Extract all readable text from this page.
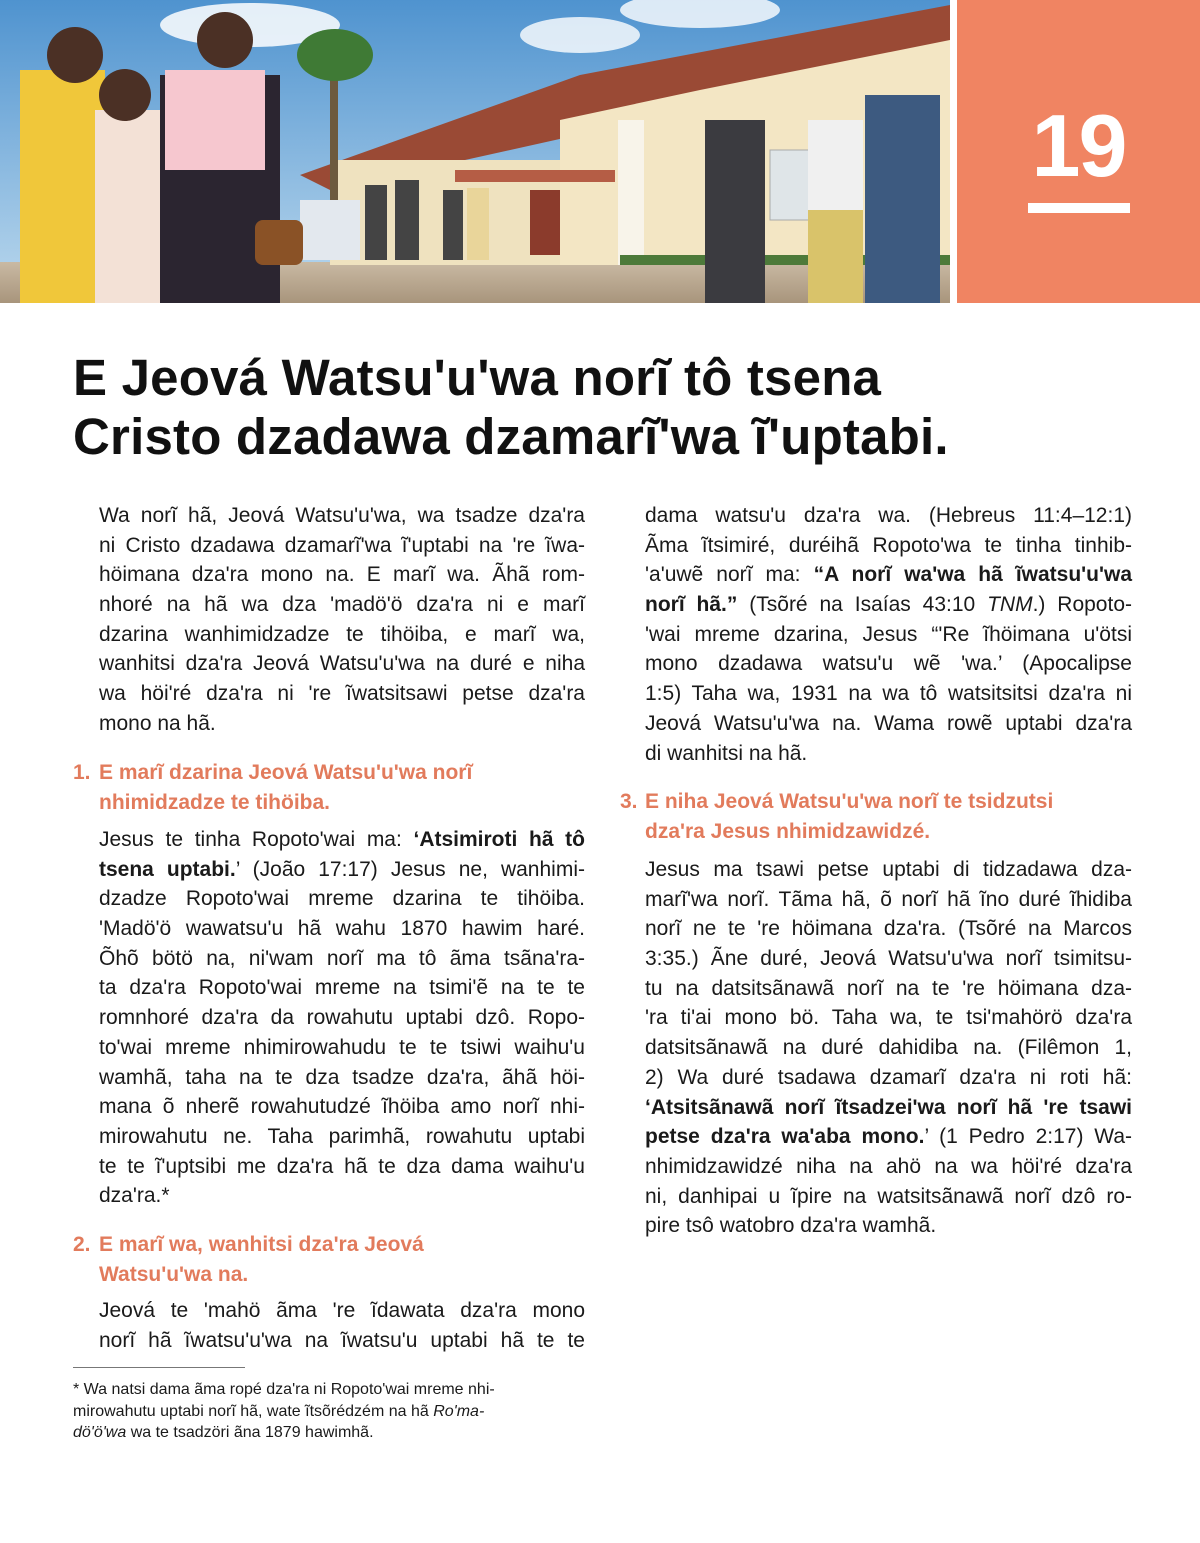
19
E Jeová Watsu'u'wa norĩ tô tsena
Cristo dzadawa dzamarĩ'wa ĩ'uptabi.
Wa norĩ hã, Jeová Watsu'u'wa, wa tsadze dza'ra
ni Cristo dzadawa dzamarĩ'wa ĩ'uptabi na 're ĩwa-
höimana dza'ra mono na. E marĩ wa. Ãhã rom-
nhoré na hã wa dza 'madö'ö dza'ra ni e marĩ
dzarina wanhimidzadze te tihöiba, e marĩ wa,
wanhitsi dza'ra Jeová Watsu'u'wa na duré e niha
wa höi'ré dza'ra ni 're ĩwatsitsawi petse dza'ra
mono na hã.
1. E marĩ dzarina Jeová Watsu'u'wa norĩ
nhimidzadze te tihöiba.
Jesus te tinha Ropoto'wai ma: ‘Atsimiroti hã tô
tsena uptabi.’ (João 17:17) Jesus ne, wanhimi-
dzadze Ropoto'wai mreme dzarina te tihöiba.
'Madö'ö wawatsu'u hã wahu 1870 hawim haré.
Õhõ bötö na, ni'wam norĩ ma tô ãma tsãna'ra-
ta dza'ra Ropoto'wai mreme na tsimi'ẽ na te te
romnhoré dza'ra da rowahutu uptabi dzô. Ropo-
to'wai mreme nhimirowahudu te te tsiwi waihu'u
wamhã, taha na te dza tsadze dza'ra, ãhã höi-
mana õ nherẽ rowahutudzé ĩhöiba amo norĩ nhi-
mirowahutu ne. Taha parimhã, rowahutu uptabi
te te ĩ'uptsibi me dza'ra hã te dza dama waihu'u
dza'ra.*
2. E marĩ wa, wanhitsi dza'ra Jeová
Watsu'u'wa na.
Jeová te 'mahö ãma 're ĩdawata dza'ra mono
norĩ hã ĩwatsu'u'wa na ĩwatsu'u uptabi hã te te
* Wa natsi dama ãma ropé dza'ra ni Ropoto'wai mreme nhi-
mirowahutu uptabi norĩ hã, wate ĩtsõrédzém na hã Ro'ma-
dö'ö'wa wa te tsadzöri ãna 1879 hawimhã.
dama watsu'u dza'ra wa. (Hebreus 11:4–12:1)
Ãma ĩtsimiré, duréihã Ropoto'wa te tinha tinhib-
'a'uwẽ norĩ ma: “A norĩ wa'wa hã ĩwatsu'u'wa
norĩ hã.” (Tsõré na Isaías 43:10 TNM.) Ropoto-
'wai mreme dzarina, Jesus “'Re ĩhöimana u'ötsi
mono dzadawa watsu'u wẽ 'wa.’ (Apocalipse
1:5) Taha wa, 1931 na wa tô watsitsitsi dza'ra ni
Jeová Watsu'u'wa na. Wama rowẽ uptabi dza'ra
di wanhitsi na hã.
3. E niha Jeová Watsu'u'wa norĩ te tsidzutsi
dza'ra Jesus nhimidzawidzé.
Jesus ma tsawi petse uptabi di tidzadawa dza-
marĩ'wa norĩ. Tãma hã, õ norĩ hã ĩno duré ĩhidiba
norĩ ne te 're höimana dza'ra. (Tsõré na Marcos
3:35.) Ãne duré, Jeová Watsu'u'wa norĩ tsimitsu-
tu na datsitsãnawã norĩ na te 're höimana dza-
'ra ti'ai mono bö. Taha wa, te tsi'mahörö dza'ra
datsitsãnawã na duré dahidiba na. (Filêmon 1,
2) Wa duré tsadawa dzamarĩ dza'ra ni roti hã:
‘Atsitsãnawã norĩ ĩtsadzei'wa norĩ hã 're tsawi
petse dza'ra wa'aba mono.’ (1 Pedro 2:17) Wa-
nhimidzawidzé niha na ahö na wa höi'ré dza'ra
ni, danhipai u ĩpire na watsitsãnawã norĩ dzô ro-
pire tsô watobro dza'ra wamhã.
